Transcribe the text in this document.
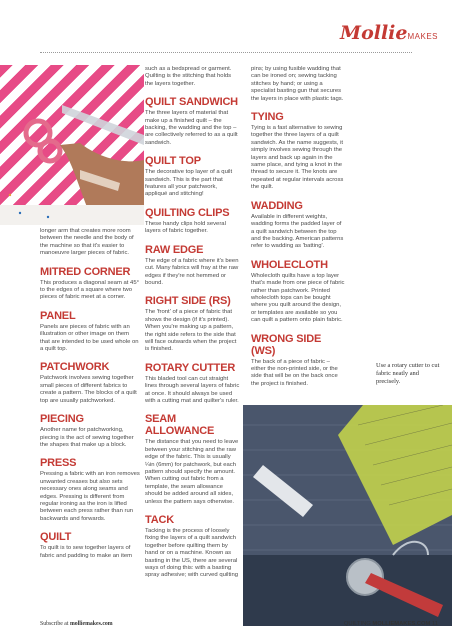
MollieMAKES

longer arm that creates more room between the needle and the body of the machine so that it's easier to manoeuvre larger pieces of fabric.

MITRED CORNER

This produces a diagonal seam at 45° to the edges of a square where two pieces of fabric meet at a corner.

PANEL

Panels are pieces of fabric with an illustration or other image on them that are intended to be used whole on a quilt top.

PATCHWORK

Patchwork involves sewing together small pieces of different fabrics to create a pattern. The blocks of a quilt top are usually patchworked.

PIECING

Another name for patchworking, piecing is the act of sewing together the shapes that make up a block.

PRESS

Pressing a fabric with an iron removes unwanted creases but also sets necessary ones along seams and edges. Pressing is different from regular ironing as the iron is lifted between each press rather than run backwards and forwards.

QUILT

To quilt is to sew together layers of fabric and padding to make an item

such as a bedspread or garment. Quilting is the stitching that holds the layers together.

QUILT SANDWICH

The three layers of material that make up a finished quilt – the backing, the wadding and the top – are collectively referred to as a quilt sandwich.

QUILT TOP

The decorative top layer of a quilt sandwich. This is the part that features all your patchwork, appliqué and stitching!

QUILTING CLIPS

These handy clips hold several layers of fabric together.

RAW EDGE

The edge of a fabric where it's been cut. Many fabrics will fray at the raw edges if they're not hemmed or bound.

RIGHT SIDE (RS)

The 'front' of a piece of fabric that shows the design (if it's printed). When you're making up a pattern, the right side refers to the side that will face outwards when the project is finished.

ROTARY CUTTER

This bladed tool can cut straight lines through several layers of fabric at once. It should always be used with a cutting mat and quilter's ruler.

SEAM ALLOWANCE

The distance that you need to leave between your stitching and the raw edge of the fabric. This is usually ¼in (6mm) for patchwork, but each pattern should specify the amount. When cutting out fabric from a template, the seam allowance should be added around all sides, unless the pattern says otherwise.

TACK

Tacking is the process of loosely fixing the layers of a quilt sandwich together before quilting them by hand or on a machine. Known as basting in the US, there are several ways of doing this: with a basting spray adhesive; with curved quilting

pins; by using fusible wadding that can be ironed on; sewing tacking stitches by hand; or using a specialist basting gun that secures the layers in place with plastic tags.

TYING

Tying is a fast alternative to sewing together the three layers of a quilt sandwich. As the name suggests, it simply involves sewing through the layers and back up again in the same place, and tying a knot in the thread to secure it. The knots are repeated at regular intervals across the quilt.

WADDING

Available in different weights, wadding forms the padded layer of a quilt sandwich between the top and the backing. American patterns refer to wadding as 'batting'.

WHOLECLOTH

Wholecloth quilts have a top layer that's made from one piece of fabric rather than patchwork. Printed wholecloth tops can be bought where you quilt around the design, or templates are available so you can quilt a pattern onto plain fabric.

WRONG SIDE (WS)

The back of a piece of fabric – either the non-printed side, or the side that will be on the back once the project is finished.

Use a rotary cutter to cut fabric neatly and precisely.
Subscribe at molliemakes.com	QUILTING MOLLIEMAKES.COM 11
